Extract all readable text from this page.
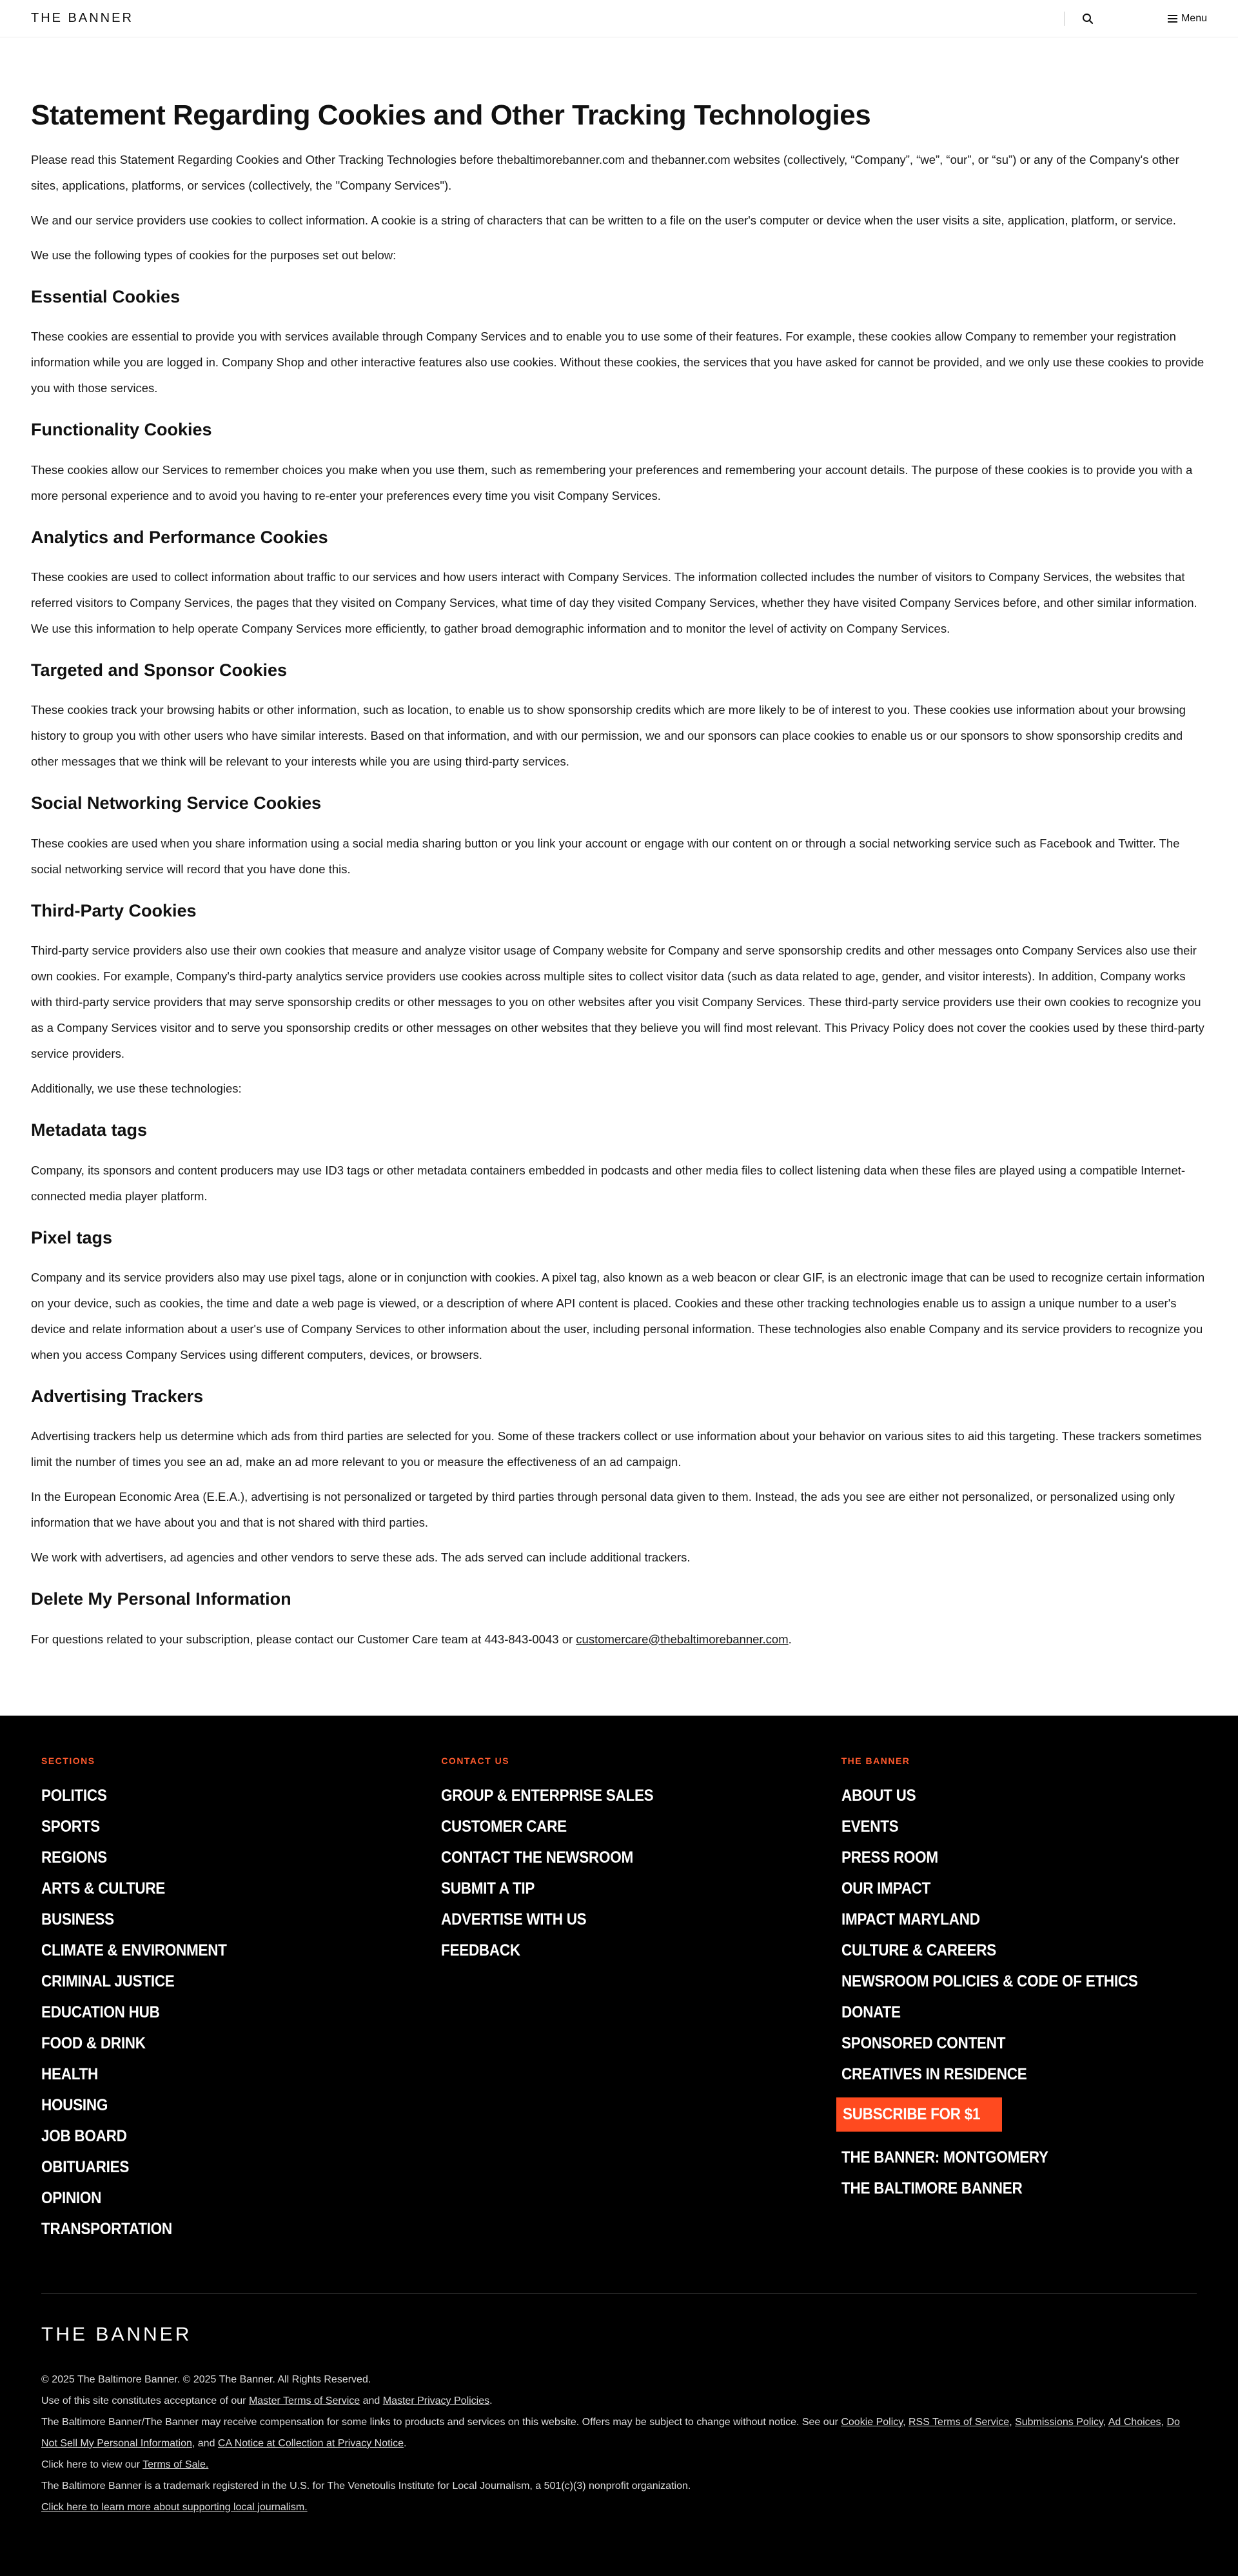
THE BANNER	Menu
Statement Regarding Cookies and Other Tracking Technologies

Please read this Statement Regarding Cookies and Other Tracking Technologies before thebaltimorebanner.com and thebanner.com websites (collectively, “Company”, “we”, “our”, or “su”) or any of the Company's other sites, applications, platforms, or services (collectively, the "Company Services").

We and our service providers use cookies to collect information. A cookie is a string of characters that can be written to a file on the user's computer or device when the user visits a site, application, platform, or service.

We use the following types of cookies for the purposes set out below:

Essential Cookies

These cookies are essential to provide you with services available through Company Services and to enable you to use some of their features. For example, these cookies allow Company to remember your registration information while you are logged in. Company Shop and other interactive features also use cookies. Without these cookies, the services that you have asked for cannot be provided, and we only use these cookies to provide you with those services.

Functionality Cookies

These cookies allow our Services to remember choices you make when you use them, such as remembering your preferences and remembering your account details. The purpose of these cookies is to provide you with a more personal experience and to avoid you having to re-enter your preferences every time you visit Company Services.

Analytics and Performance Cookies

These cookies are used to collect information about traffic to our services and how users interact with Company Services. The information collected includes the number of visitors to Company Services, the websites that referred visitors to Company Services, the pages that they visited on Company Services, what time of day they visited Company Services, whether they have visited Company Services before, and other similar information. We use this information to help operate Company Services more efficiently, to gather broad demographic information and to monitor the level of activity on Company Services.

Targeted and Sponsor Cookies

These cookies track your browsing habits or other information, such as location, to enable us to show sponsorship credits which are more likely to be of interest to you. These cookies use information about your browsing history to group you with other users who have similar interests. Based on that information, and with our permission, we and our sponsors can place cookies to enable us or our sponsors to show sponsorship credits and other messages that we think will be relevant to your interests while you are using third-party services.

Social Networking Service Cookies

These cookies are used when you share information using a social media sharing button or you link your account or engage with our content on or through a social networking service such as Facebook and Twitter. The social networking service will record that you have done this.

Third-Party Cookies

Third-party service providers also use their own cookies that measure and analyze visitor usage of Company website for Company and serve sponsorship credits and other messages onto Company Services also use their own cookies. For example, Company's third-party analytics service providers use cookies across multiple sites to collect visitor data (such as data related to age, gender, and visitor interests). In addition, Company works with third-party service providers that may serve sponsorship credits or other messages to you on other websites after you visit Company Services. These third-party service providers use their own cookies to recognize you as a Company Services visitor and to serve you sponsorship credits or other messages on other websites that they believe you will find most relevant. This Privacy Policy does not cover the cookies used by these third-party service providers.

Additionally, we use these technologies:

Metadata tags

Company, its sponsors and content producers may use ID3 tags or other metadata containers embedded in podcasts and other media files to collect listening data when these files are played using a compatible Internet-connected media player platform.

Pixel tags

Company and its service providers also may use pixel tags, alone or in conjunction with cookies. A pixel tag, also known as a web beacon or clear GIF, is an electronic image that can be used to recognize certain information on your device, such as cookies, the time and date a web page is viewed, or a description of where API content is placed. Cookies and these other tracking technologies enable us to assign a unique number to a user's device and relate information about a user's use of Company Services to other information about the user, including personal information. These technologies also enable Company and its service providers to recognize you when you access Company Services using different computers, devices, or browsers.

Advertising Trackers

Advertising trackers help us determine which ads from third parties are selected for you. Some of these trackers collect or use information about your behavior on various sites to aid this targeting. These trackers sometimes limit the number of times you see an ad, make an ad more relevant to you or measure the effectiveness of an ad campaign.

In the European Economic Area (E.E.A.), advertising is not personalized or targeted by third parties through personal data given to them. Instead, the ads you see are either not personalized, or personalized using only information that we have about you and that is not shared with third parties.

We work with advertisers, ad agencies and other vendors to serve these ads. The ads served can include additional trackers.

Delete My Personal Information

For questions related to your subscription, please contact our Customer Care team at 443-843-0043 or customercare@thebaltimorebanner.com.

SECTIONS
POLITICS
SPORTS
REGIONS
ARTS & CULTURE
BUSINESS
CLIMATE & ENVIRONMENT
CRIMINAL JUSTICE
EDUCATION HUB
FOOD & DRINK
HEALTH
HOUSING
JOB BOARD
OBITUARIES
OPINION
TRANSPORTATION
CONTACT US
GROUP & ENTERPRISE SALES
CUSTOMER CARE
CONTACT THE NEWSROOM
SUBMIT A TIP
ADVERTISE WITH US
FEEDBACK
THE BANNER
ABOUT US
EVENTS
PRESS ROOM
OUR IMPACT
IMPACT MARYLAND
CULTURE & CAREERS
NEWSROOM POLICIES & CODE OF ETHICS
DONATE
SPONSORED CONTENT
CREATIVES IN RESIDENCE
SUBSCRIBE FOR $1
THE BANNER: MONTGOMERY
THE BALTIMORE BANNER
THE BANNER
© 2025 The Baltimore Banner. © 2025 The Banner. All Rights Reserved.
Use of this site constitutes acceptance of our Master Terms of Service and Master Privacy Policies.
The Baltimore Banner/The Banner may receive compensation for some links to products and services on this website. Offers may be subject to change without notice. See our Cookie Policy, RSS Terms of Service, Submissions Policy, Ad Choices, Do Not Sell My Personal Information, and CA Notice at Collection at Privacy Notice.
Click here to view our Terms of Sale.
The Baltimore Banner is a trademark registered in the U.S. for The Venetoulis Institute for Local Journalism, a 501(c)(3) nonprofit organization.
Click here to learn more about supporting local journalism.
